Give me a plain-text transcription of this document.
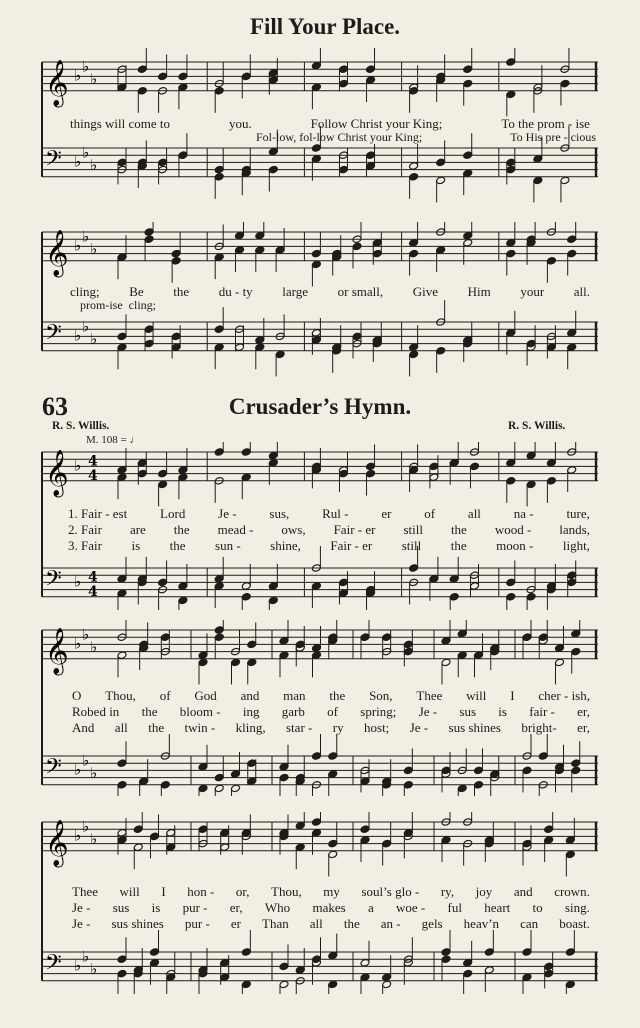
Fill Your Place.
𝄞 ♭ ♭
♭
𝄢 ♭ ♭
♭
things will come to	you.	Follow Christ your King;	To the prom - ise
Fol-low, fol-low Christ your King;	To His pre - cious
𝄞 ♭ ♭
♭
𝄢 ♭ ♭
♭
cling; Be the du - ty large or small, Give Him your all.
prom-ise cling;
63	Crusader’s Hymn.
R. S. Willis.	R. S. Willis.
M. 108 = ♩
𝄞 ♭ 4
4
𝄢 ♭ 4
4
1. Fair - est	Lord	Je -	sus,	Rul -	er	of	all	na -	ture,
2. Fair are the mead - ows, Fair - er still the wood - lands,
3. Fair is the sun - shine, Fair - er still the moon - light,
𝄞 ♭ ♭
♭
𝄢 ♭ ♭
♭
O Thou, of God and man the Son, Thee will I cher - ish,
Robed in the bloom - ing garb of spring; Je - sus is fair - er,
And all the twin - kling, star - ry host; Je - sus shines bright- er,
𝄞 ♭ ♭
♭
𝄢 ♭ ♭
♭
Thee will I hon - or, Thou, my soul’s glo - ry, joy and crown.
Je - sus is pur - er, Who makes a woe - ful heart to sing.
Je - sus shines pur - er Than all the an - gels heav’n can boast.
